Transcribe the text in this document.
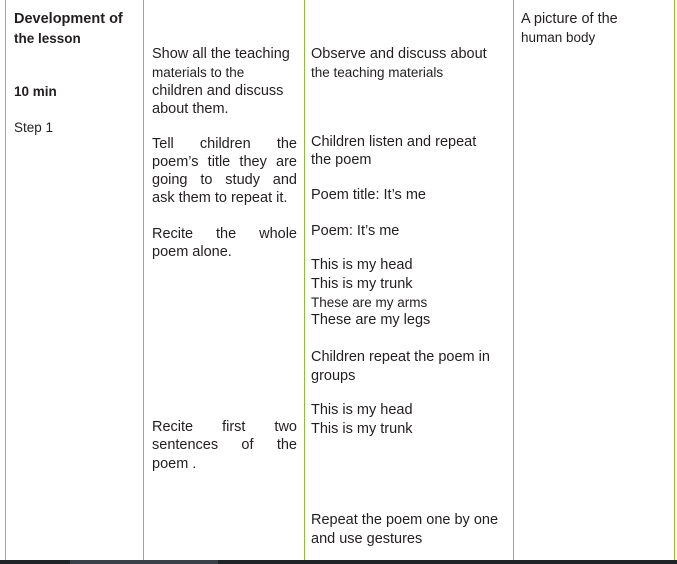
Development of
the lesson
10 min
Step 1
Show all the teaching
materials to the
children and discuss
about them.
Tell children the
poem’s title they are
going to study and
ask them to repeat it.
Recite the whole
poem alone.
Recite first two
sentences of the
poem .
Observe and discuss about
the teaching materials
Children listen and repeat
the poem
Poem title: It’s me
Poem: It’s me
This is my head
This is my trunk
These are my arms
These are my legs
Children repeat the poem in
groups
This is my head
This is my trunk
Repeat the poem one by one
and use gestures
A picture of the
human body
